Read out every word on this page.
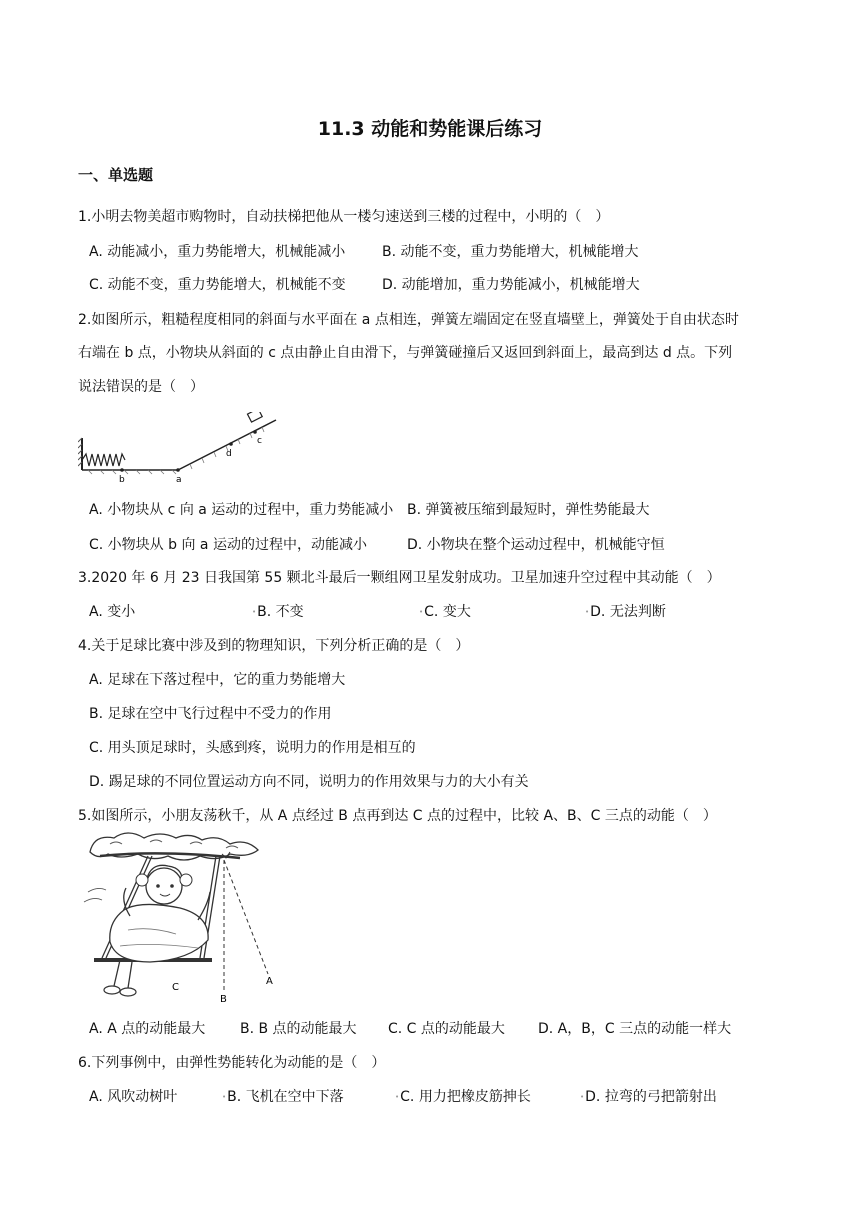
11.3 动能和势能课后练习
一、单选题
1.小明去物美超市购物时，自动扶梯把他从一楼匀速送到三楼的过程中，小明的（　）
A. 动能减小，重力势能增大，机械能减小	B. 动能不变，重力势能增大，机械能增大
C. 动能不变，重力势能增大，机械能不变	D. 动能增加，重力势能减小，机械能增大
2.如图所示，粗糙程度相同的斜面与水平面在 a 点相连，弹簧左端固定在竖直墙壁上，弹簧处于自由状态时
右端在 b 点，小物块从斜面的 c 点由静止自由滑下，与弹簧碰撞后又返回到斜面上，最高到达 d 点。下列
说法错误的是（　）
b	a
d
c
A. 小物块从 c 向 a 运动的过程中，重力势能减小 B. 弹簧被压缩到最短时，弹性势能最大
C. 小物块从 b 向 a 运动的过程中，动能减小	D. 小物块在整个运动过程中，机械能守恒
3.2020 年 6 月 23 日我国第 55 颗北斗最后一颗组网卫星发射成功。卫星加速升空过程中其动能（　）
A. 变小	•B. 不变	•C. 变大	•D. 无法判断
4.关于足球比赛中涉及到的物理知识，下列分析正确的是（　）
A. 足球在下落过程中，它的重力势能增大
B. 足球在空中飞行过程中不受力的作用
C. 用头顶足球时，头感到疼，说明力的作用是相互的
D. 踢足球的不同位置运动方向不同，说明力的作用效果与力的大小有关
5.如图所示，小朋友荡秋千，从 A 点经过 B 点再到达 C 点的过程中，比较 A、B、C 三点的动能（　）
B
A
C
A. A 点的动能最大 B. B 点的动能最大 C. C 点的动能最大 D. A，B，C 三点的动能一样大
6.下列事例中，由弹性势能转化为动能的是（　）
A. 风吹动树叶	•B. 飞机在空中下落	•C. 用力把橡皮筋抻长	•D. 拉弯的弓把箭射出
